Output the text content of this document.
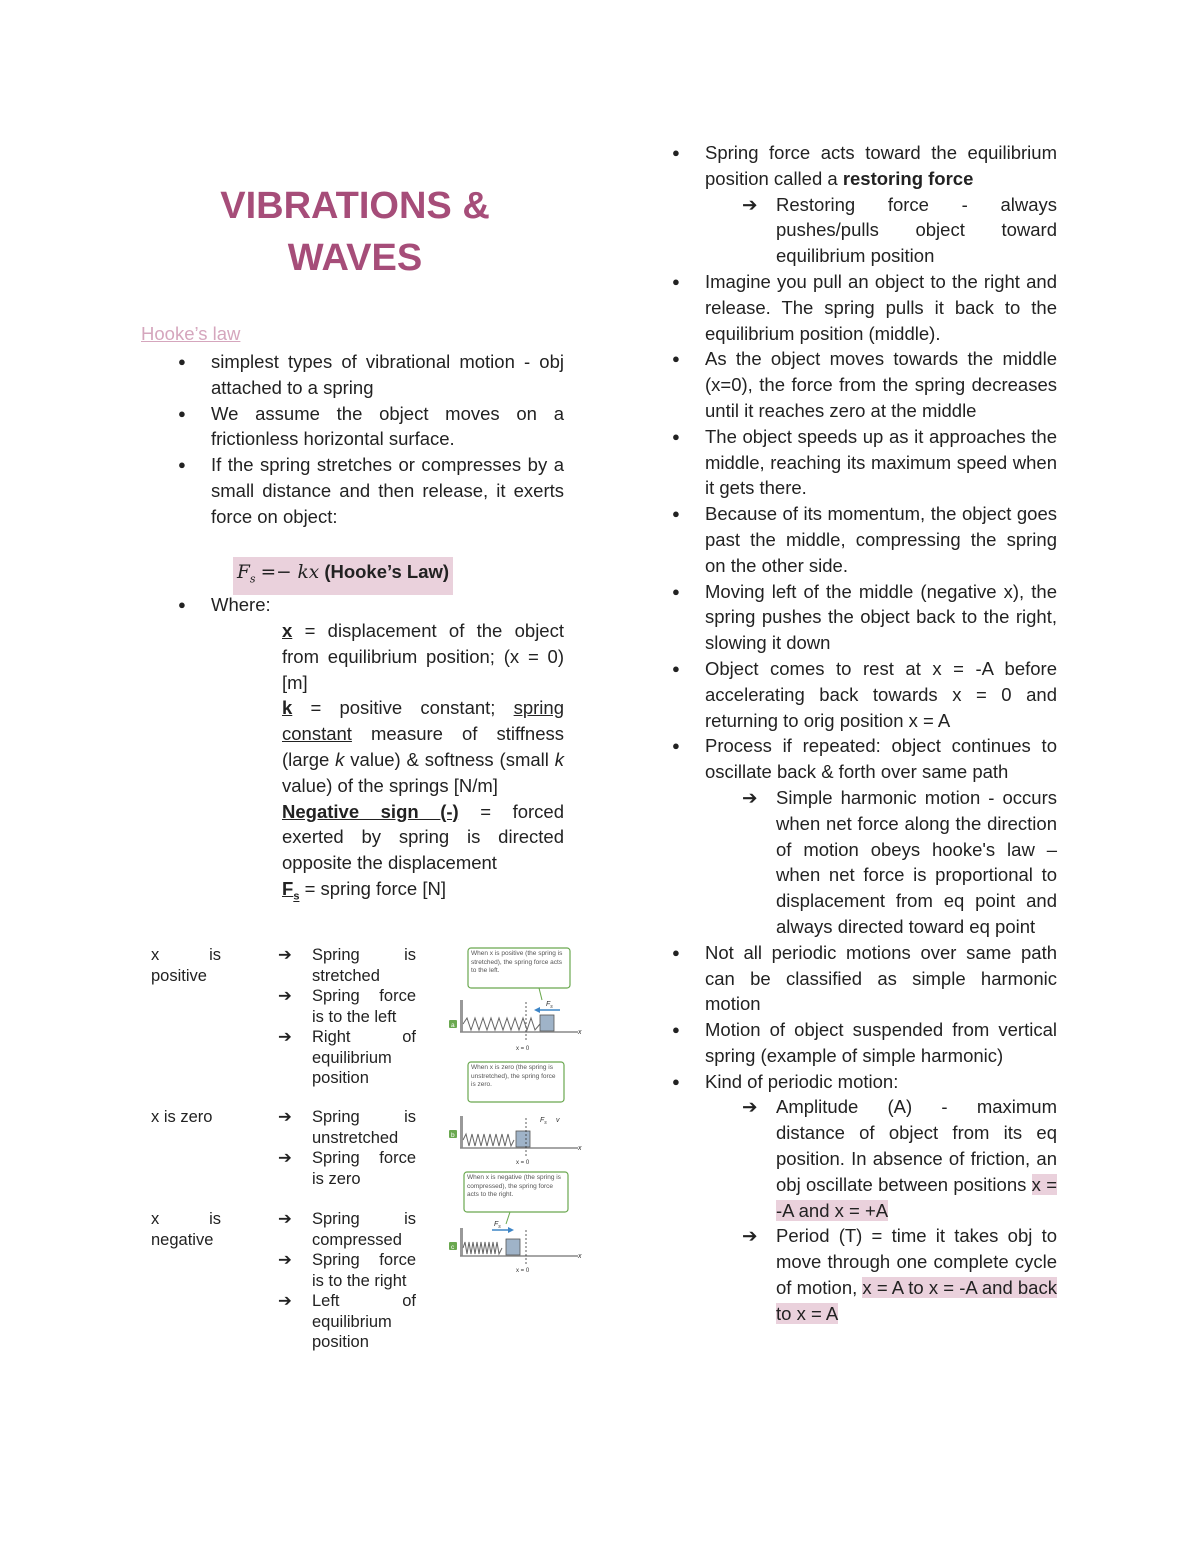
VIBRATIONS &
WAVES
Hooke’s law
● simplest types of vibrational motion - obj attached to a spring
● We assume the object moves on a frictionless horizontal surface.
● If the spring stretches or compresses by a small distance and then release, it exerts force on object:
$F_s$ =− kx (Hooke’s Law)
● Where:
x = displacement of the object from equilibrium position; (x = 0) [m]
k = positive constant; spring constant measure of stiffness (large k value) & softness (small k value) of the springs [N/m]
Negative sign (-) = forced exerted by spring is directed opposite the displacement
$F_s$ = spring force [N]
x is positive
➔ Spring is stretched
➔ Spring force is to the left
➔ Right of equilibrium position
x is zero	➔ Spring is unstretched
➔ Spring force is zero
x is negative
➔ Spring is compressed
➔ Spring force is to the right
➔ Left of equilibrium position
When x is positive (the spring is stretched), the spring force acts to the left.
$F_s$
x
x = 0
a
When x is zero (the spring is unstretched), the spring force is zero.
$F_s$ v
x
x = 0
b
When x is negative (the spring is compressed), the spring force acts to the right.
$F_s$
x
x = 0
c
● Spring force acts toward the equilibrium position called a restoring force
➔ Restoring force - always pushes/pulls object toward equilibrium position
● Imagine you pull an object to the right and release. The spring pulls it back to the equilibrium position (middle).
● As the object moves towards the middle (x=0), the force from the spring decreases until it reaches zero at the middle
● The object speeds up as it approaches the middle, reaching its maximum speed when it gets there.
● Because of its momentum, the object goes past the middle, compressing the spring on the other side.
● Moving left of the middle (negative x), the spring pushes the object back to the right, slowing it down
● Object comes to rest at x = -A before accelerating back towards x = 0 and returning to orig position x = A
● Process if repeated: object continues to oscillate back & forth over same path
➔ Simple harmonic motion - occurs when net force along the direction of motion obeys hooke's law – when net force is proportional to displacement from eq point and always directed toward eq point
● Not all periodic motions over same path can be classified as simple harmonic motion
● Motion of object suspended from vertical spring (example of simple harmonic)
● Kind of periodic motion:
➔ Amplitude (A) - maximum distance of object from its eq position. In absence of friction, an obj oscillate between positions x = -A and x = +A
➔ Period (T) = time it takes obj to move through one complete cycle of motion, x = A to x = -A and back to x = A
